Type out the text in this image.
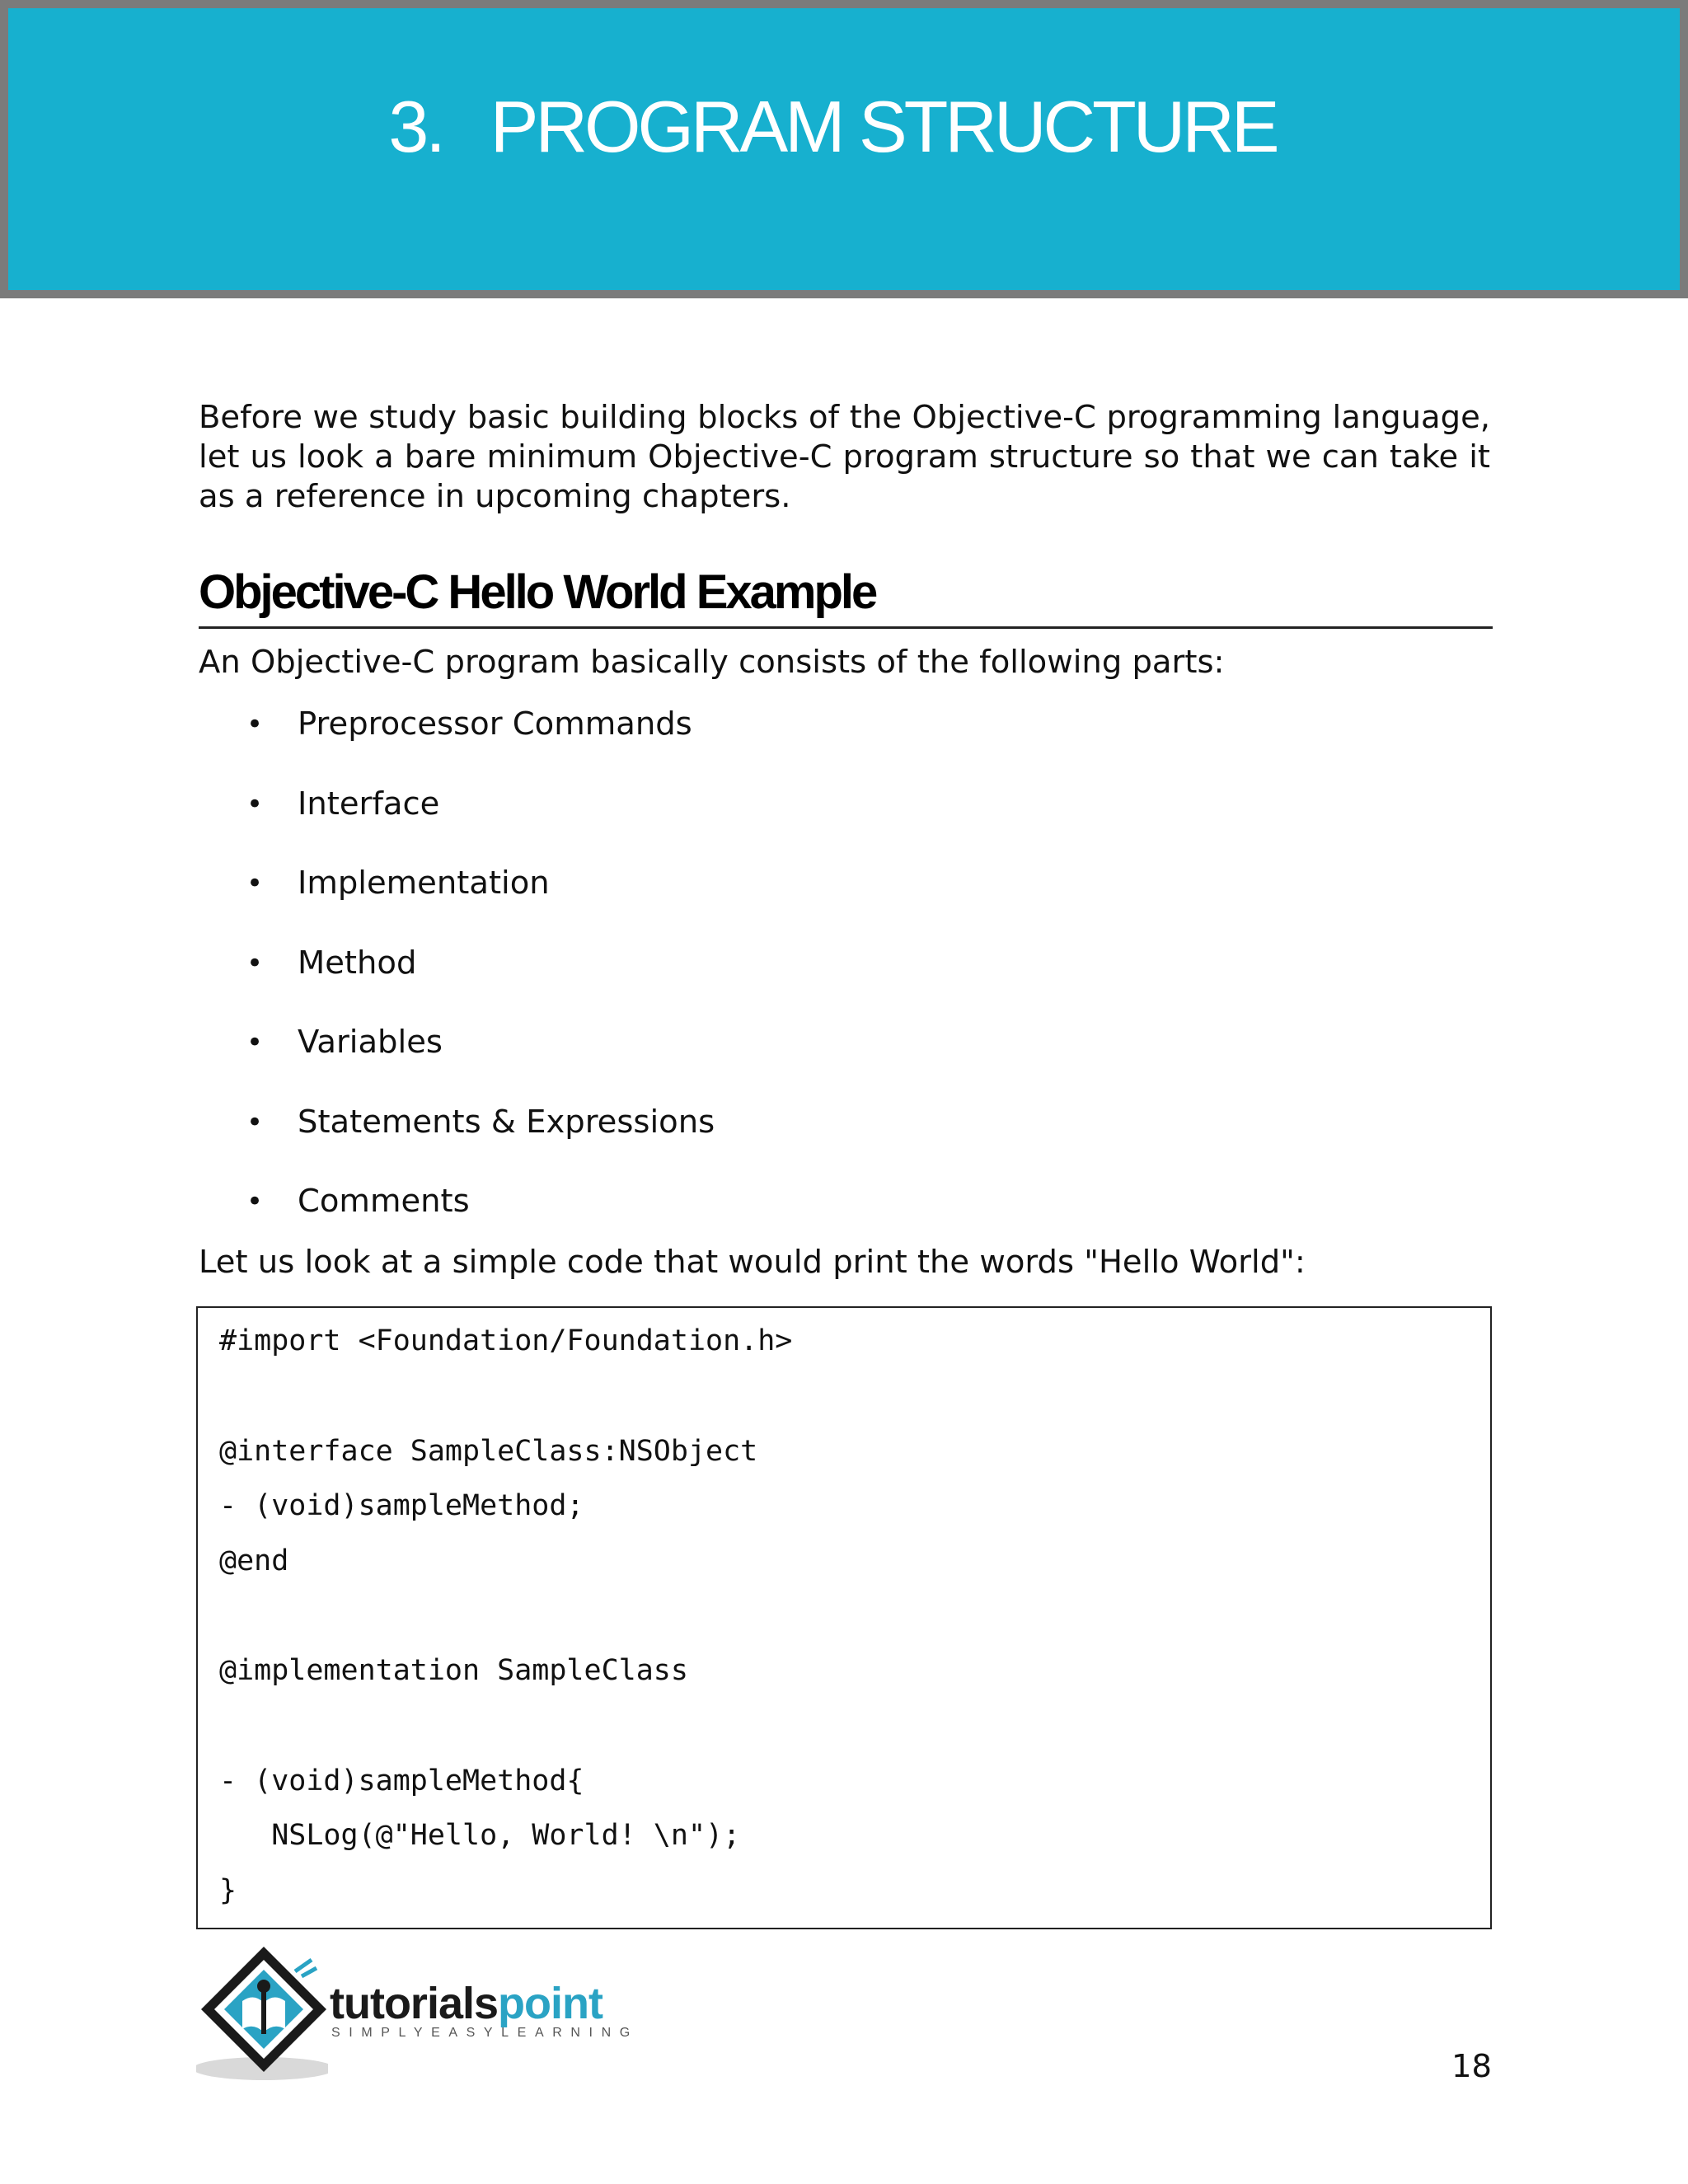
3. PROGRAM STRUCTURE

Before we study basic building blocks of the Objective-C programming language, let us look a bare minimum Objective-C program structure so that we can take it as a reference in upcoming chapters.

Objective-C Hello World Example

An Objective-C program basically consists of the following parts:

• Preprocessor Commands
• Interface
• Implementation
• Method
• Variables
• Statements & Expressions
• Comments

Let us look at a simple code that would print the words "Hello World":

#import <Foundation/Foundation.h>
@interface SampleClass:NSObject
- (void)sampleMethod;
@end
@implementation SampleClass
- (void)sampleMethod{
NSLog(@"Hello, World! \n");
}
tutorialspoint
SIMPLYEASYLEARNING
18
